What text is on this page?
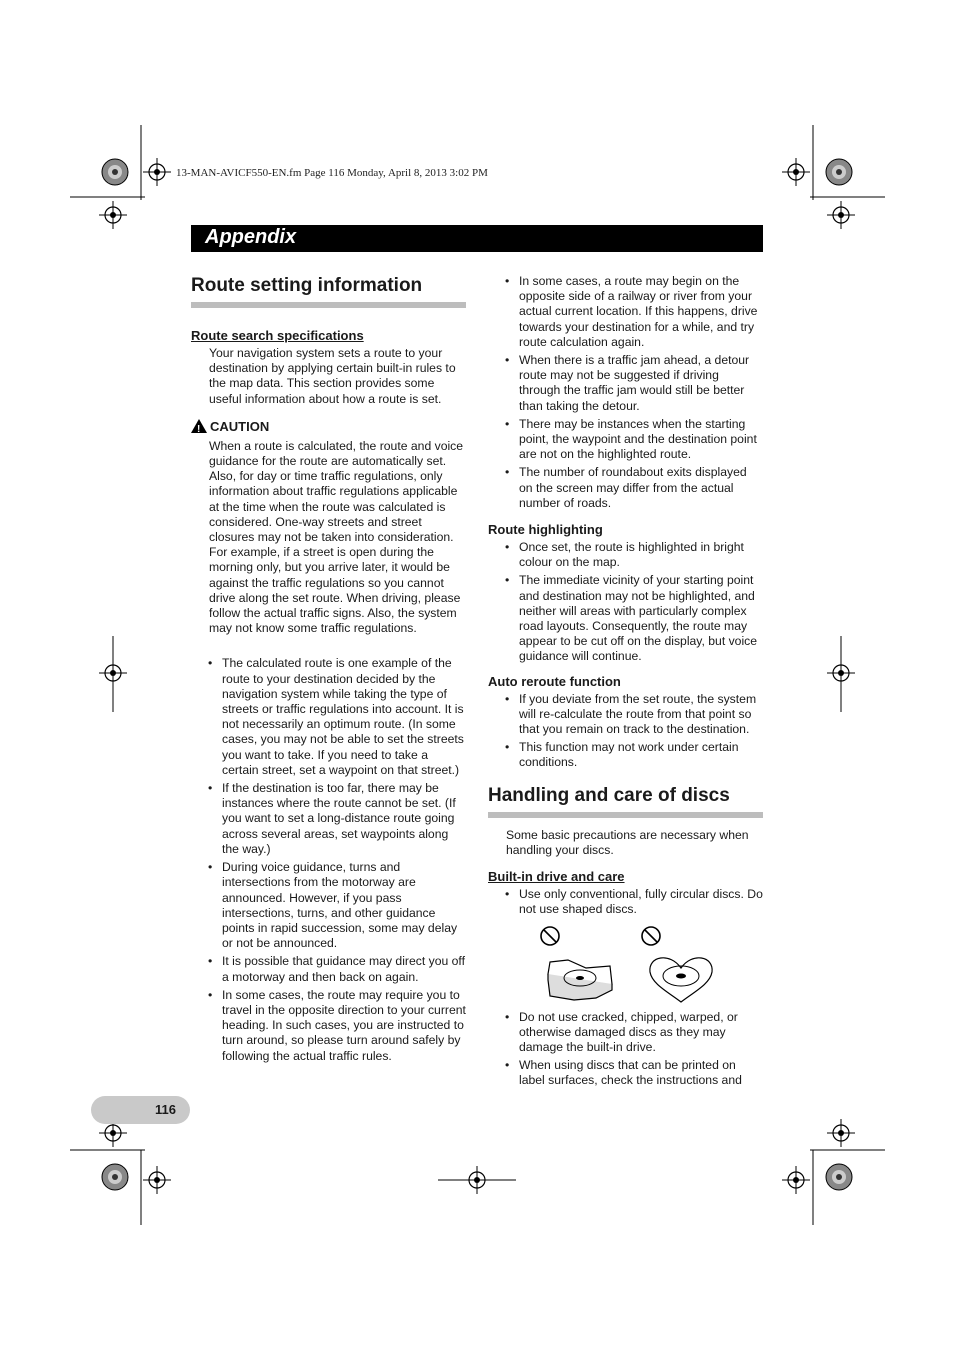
13-MAN-AVICF550-EN.fm Page 116 Monday, April 8, 2013 3:02 PM
Appendix
Route setting information
Route search specifications

Your navigation system sets a route to your destination by applying certain built-in rules to the map data. This section provides some useful information about how a route is set.

!
CAUTION

When a route is calculated, the route and voice guidance for the route are automatically set. Also, for day or time traffic regulations, only information about traffic regulations applicable at the time when the route was calculated is considered. One-way streets and street closures may not be taken into consideration. For example, if a street is open during the morning only, but you arrive later, it would be against the traffic regulations so you cannot drive along the set route. When driving, please follow the actual traffic signs. Also, the system may not know some traffic regulations.

• The calculated route is one example of the route to your destination decided by the navigation system while taking the type of streets or traffic regulations into account. It is not necessarily an optimum route. (In some cases, you may not be able to set the streets you want to take. If you need to take a certain street, set a waypoint on that street.)
• If the destination is too far, there may be instances where the route cannot be set. (If you want to set a long-distance route going across several areas, set waypoints along the way.)
• During voice guidance, turns and intersections from the motorway are announced. However, if you pass intersections, turns, and other guidance points in rapid succession, some may delay or not be announced.
• It is possible that guidance may direct you off a motorway and then back on again.
• In some cases, the route may require you to travel in the opposite direction to your current heading. In such cases, you are instructed to turn around, so please turn around safely by following the actual traffic rules.
• In some cases, a route may begin on the opposite side of a railway or river from your actual current location. If this happens, drive towards your destination for a while, and try route calculation again.
• When there is a traffic jam ahead, a detour route may not be suggested if driving through the traffic jam would still be better than taking the detour.
• There may be instances when the starting point, the waypoint and the destination point are not on the highlighted route.
• The number of roundabout exits displayed on the screen may differ from the actual number of roads.
Route highlighting
• Once set, the route is highlighted in bright colour on the map.
• The immediate vicinity of your starting point and destination may not be highlighted, and neither will areas with particularly complex road layouts. Consequently, the route may appear to be cut off on the display, but voice guidance will continue.
Auto reroute function
• If you deviate from the set route, the system will re-calculate the route from that point so that you remain on track to the destination.
• This function may not work under certain conditions.
Handling and care of discs

Some basic precautions are necessary when handling your discs.

Built-in drive and care
• Use only conventional, fully circular discs. Do not use shaped discs.
• Do not use cracked, chipped, warped, or otherwise damaged discs as they may damage the built-in drive.
• When using discs that can be printed on label surfaces, check the instructions and
116
